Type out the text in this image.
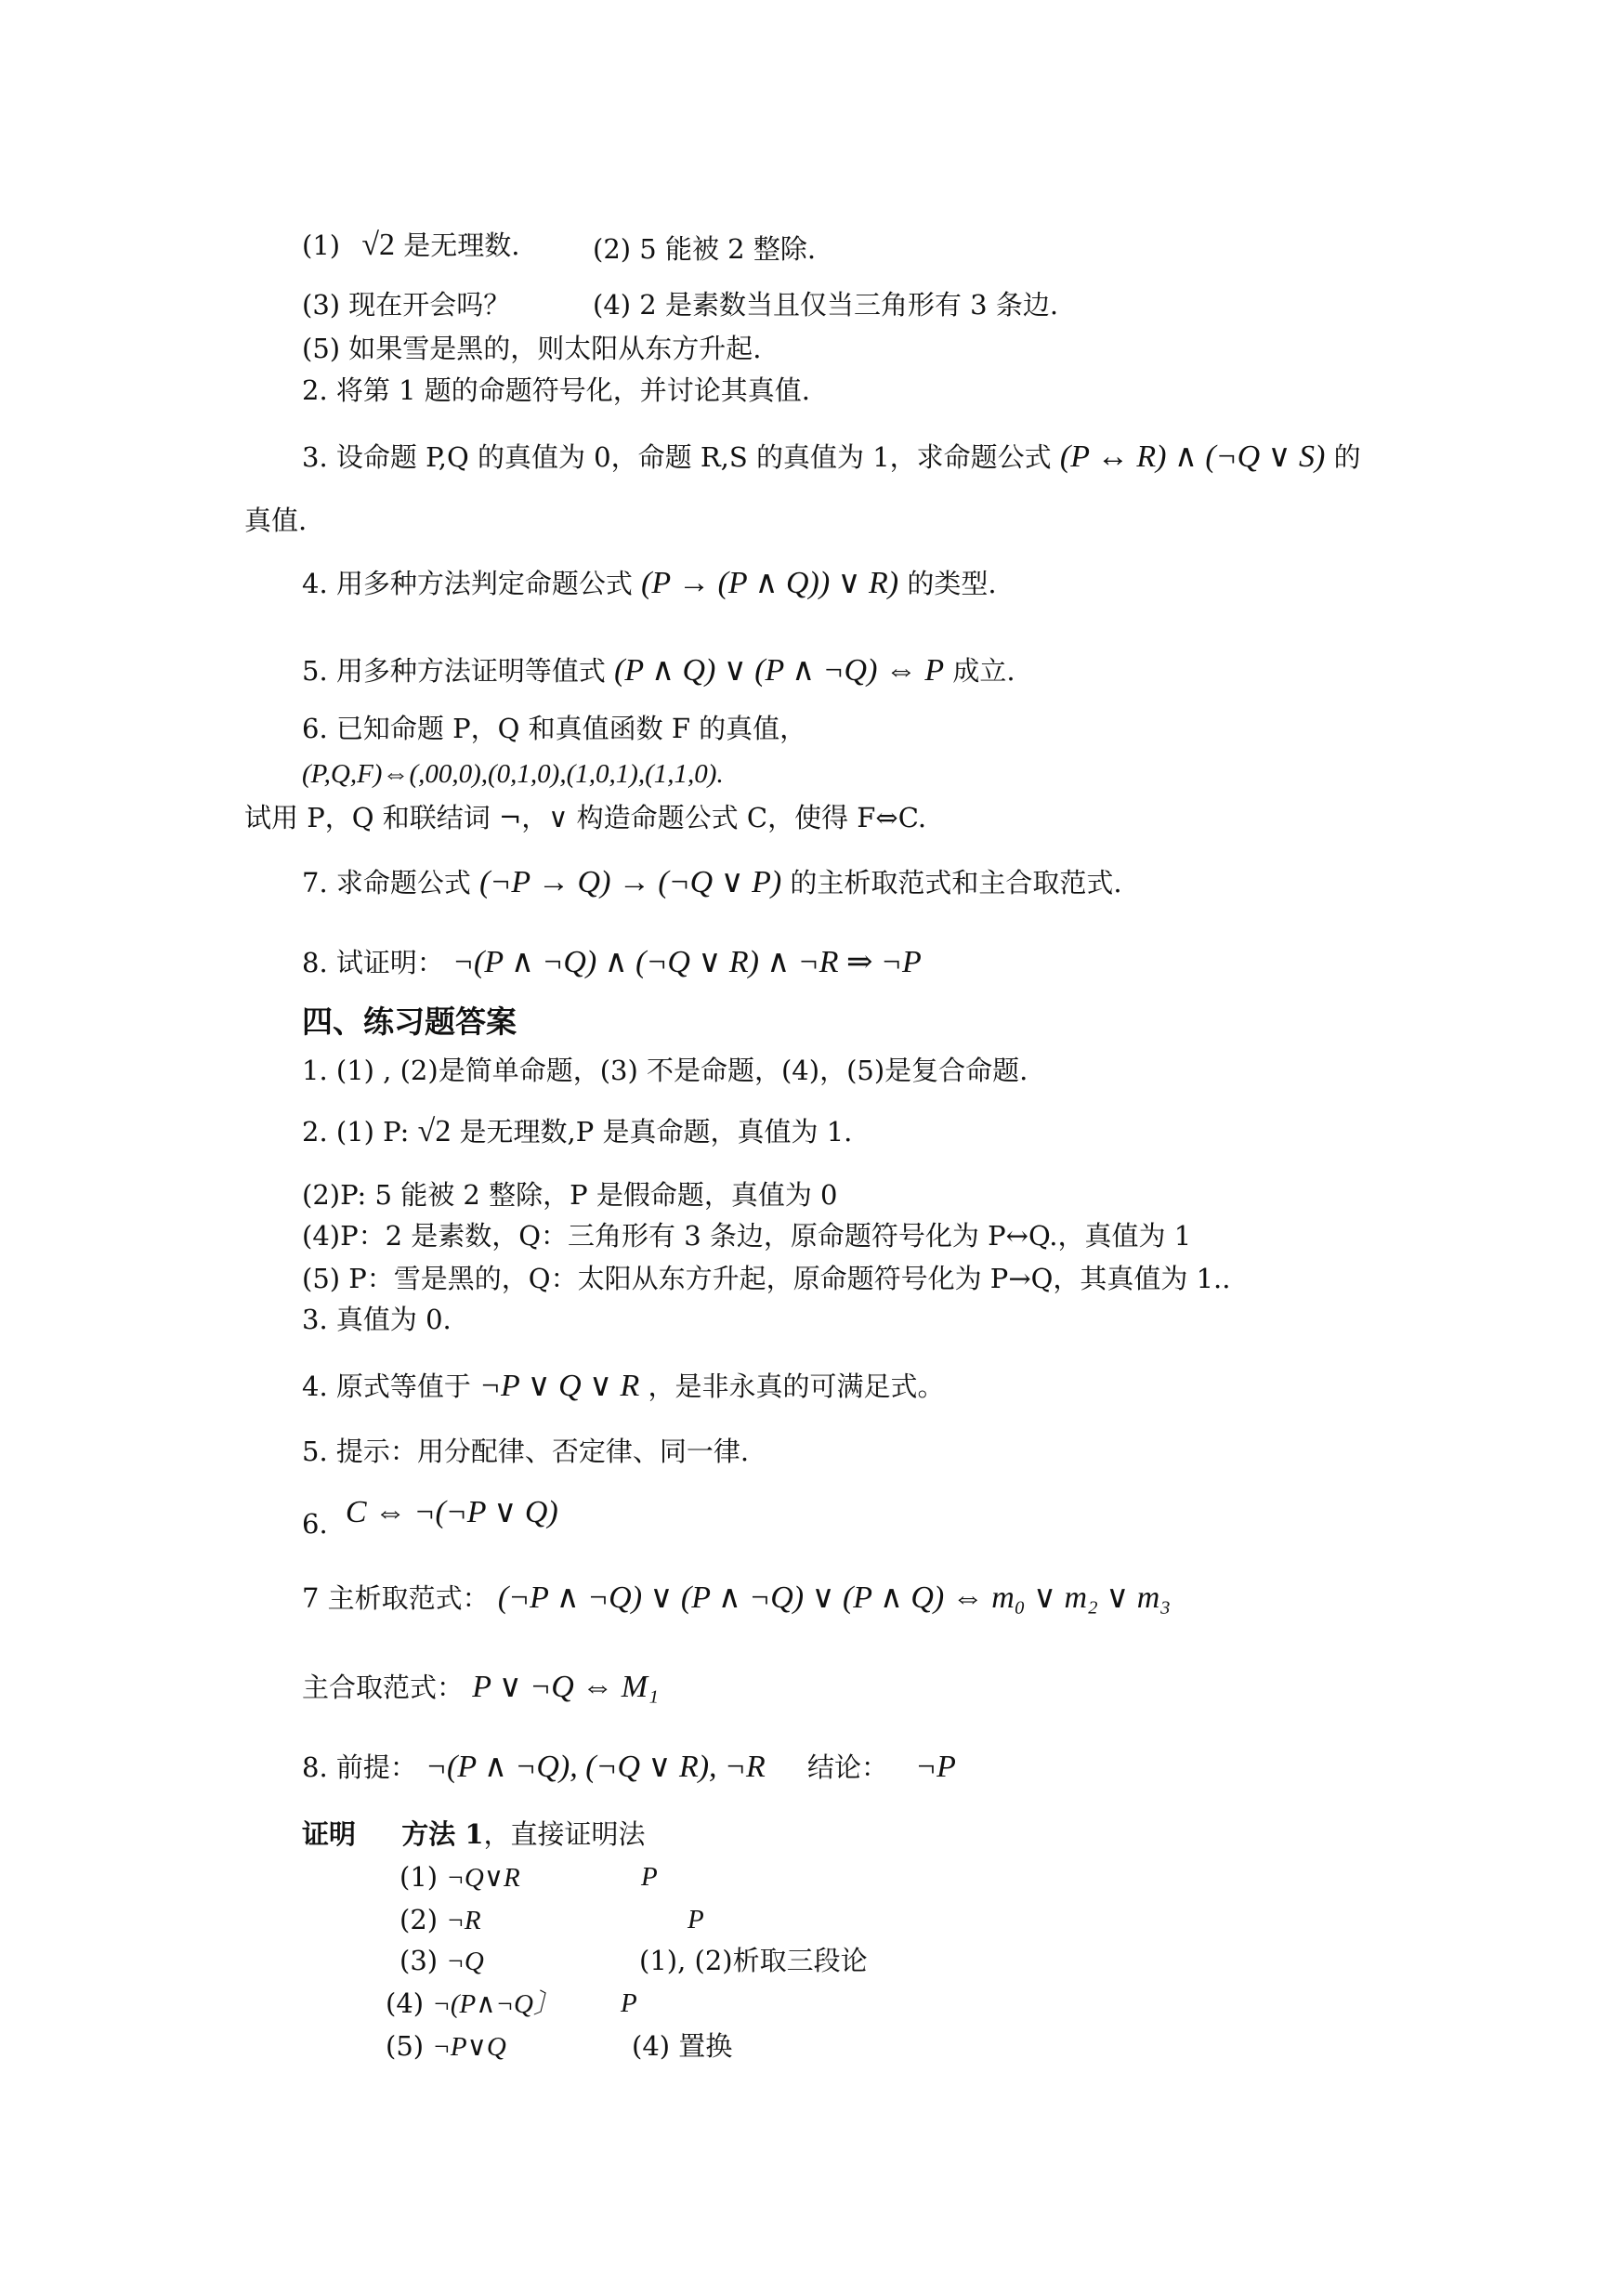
(1) √2 是无理数.	(2) 5 能被 2 整除.
(3) 现在开会吗？	(4) 2 是素数当且仅当三角形有 3 条边.
(5) 如果雪是黑的，则太阳从东方升起.
2. 将第 1 题的命题符号化，并讨论其真值.
3. 设命题 P,Q 的真值为 0，命题 R,S 的真值为 1，求命题公式 (P ↔ R) ∧ (¬Q ∨ S) 的
真值.
4. 用多种方法判定命题公式 (P → (P ∧ Q)) ∨ R) 的类型.
5. 用多种方法证明等值式 (P ∧ Q) ∨ (P ∧ ¬Q) ⇔ P 成立.
6. 已知命题 P，Q 和真值函数 F 的真值，
(P,Q,F)⇔(,00,0),(0,1,0),(1,0,1),(1,1,0).
试用 P，Q 和联结词 ¬，∨ 构造命题公式 C，使得 F⇔C.
7. 求命题公式 (¬P → Q) → (¬Q ∨ P) 的主析取范式和主合取范式.
8. 试证明： ¬(P ∧ ¬Q) ∧ (¬Q ∨ R) ∧ ¬R ⇒ ¬P
四、练习题答案
1. (1) , (2)是简单命题，(3) 不是命题，(4)，(5)是复合命题.
2. (1) P: √2 是无理数,P 是真命题，真值为 1.
(2)P: 5 能被 2 整除，P 是假命题，真值为 0
(4)P：2 是素数，Q：三角形有 3 条边，原命题符号化为 P↔Q.，真值为 1
(5) P：雪是黑的，Q：太阳从东方升起，原命题符号化为 P→Q，其真值为 1..
3. 真值为 0.
4. 原式等值于 ¬P ∨ Q ∨ R ，是非永真的可满足式。
5. 提示：用分配律、否定律、同一律.
6. C ⇔ ¬(¬P ∨ Q)
7 主析取范式： (¬P ∧ ¬Q) ∨ (P ∧ ¬Q) ∨ (P ∧ Q) ⇔ m₀ ∨ m₂ ∨ m₃
主合取范式： P ∨ ¬Q ⇔ M₁
8. 前提： ¬(P ∧ ¬Q), (¬Q ∨ R), ¬R 结论： ¬P
证明 方法 1，直接证明法
(1) ¬Q∨R	P
(2) ¬R	P
(3) ¬Q	(1), (2)析取三段论
(4) ¬(P∧¬Q〕 P
(5) ¬P∨Q	(4) 置换
